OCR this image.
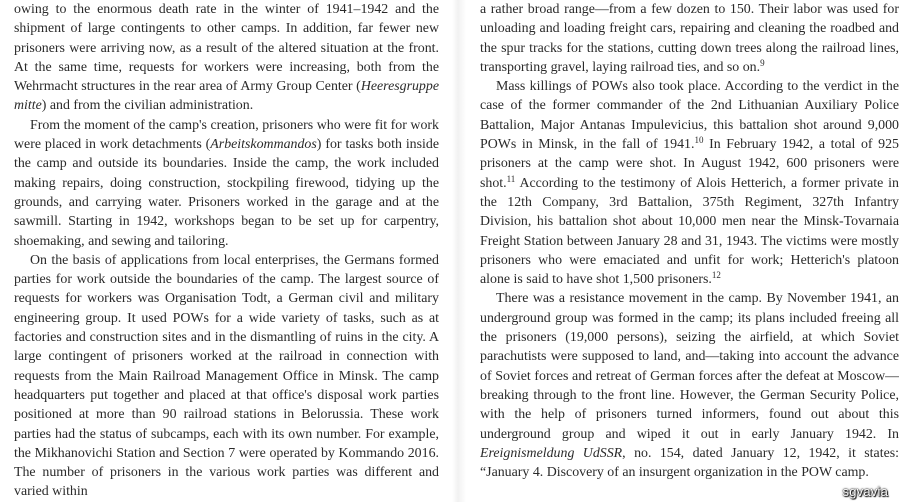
owing to the enormous death rate in the winter of 1941–1942 and the shipment of large contingents to other camps. In addition, far fewer new prisoners were arriving now, as a result of the altered situation at the front. At the same time, requests for workers were increasing, both from the Wehrmacht structures in the rear area of Army Group Center (Heeresgruppe mitte) and from the civilian administration.

From the moment of the camp's creation, prisoners who were fit for work were placed in work detachments (Arbeitskommandos) for tasks both inside the camp and outside its boundaries. Inside the camp, the work included making repairs, doing construction, stockpiling firewood, tidying up the grounds, and carrying water. Prisoners worked in the garage and at the sawmill. Starting in 1942, workshops began to be set up for carpentry, shoemaking, and sewing and tailoring.

On the basis of applications from local enterprises, the Germans formed parties for work outside the boundaries of the camp. The largest source of requests for workers was Organisation Todt, a German civil and military engineering group. It used POWs for a wide variety of tasks, such as at factories and construction sites and in the dismantling of ruins in the city. A large contingent of prisoners worked at the railroad in connection with requests from the Main Railroad Management Office in Minsk. The camp headquarters put together and placed at that office's disposal work parties positioned at more than 90 railroad stations in Belorussia. These work parties had the status of subcamps, each with its own number. For example, the Mikhanovichi Station and Section 7 were operated by Kommando 2016. The number of prisoners in the various work parties was different and varied within

a rather broad range—from a few dozen to 150. Their labor was used for unloading and loading freight cars, repairing and cleaning the roadbed and the spur tracks for the stations, cutting down trees along the railroad lines, transporting gravel, laying railroad ties, and so on.$^9$

Mass killings of POWs also took place. According to the verdict in the case of the former commander of the 2nd Lithuanian Auxiliary Police Battalion, Major Antanas Impulevicius, this battalion shot around 9,000 POWs in Minsk, in the fall of 1941.10 In February 1942, a total of 925 prisoners at the camp were shot. In August 1942, 600 prisoners were shot.$^{11}$ According to the testimony of Alois Hetterich, a former private in the 12th Company, 3rd Battalion, 375th Regiment, 327th Infantry Division, his battalion shot about 10,000 men near the Minsk-Tovarnaia Freight Station between January 28 and 31, 1943. The victims were mostly prisoners who were emaciated and unfit for work; Hetterich's platoon alone is said to have shot 1,500 prisoners.$^{12}$

There was a resistance movement in the camp. By November 1941, an underground group was formed in the camp; its plans included freeing all the prisoners (19,000 persons), seizing the airfield, at which Soviet parachutists were supposed to land, and—taking into account the advance of Soviet forces and retreat of German forces after the defeat at Moscow—breaking through to the front line. However, the German Security Police, with the help of prisoners turned informers, found out about this underground group and wiped it out in early January 1942. In Ereignismeldung UdSSR, no. 154, dated January 12, 1942, it states: “January 4. Discovery of an insurgent organization in the POW camp.

sgvavia
